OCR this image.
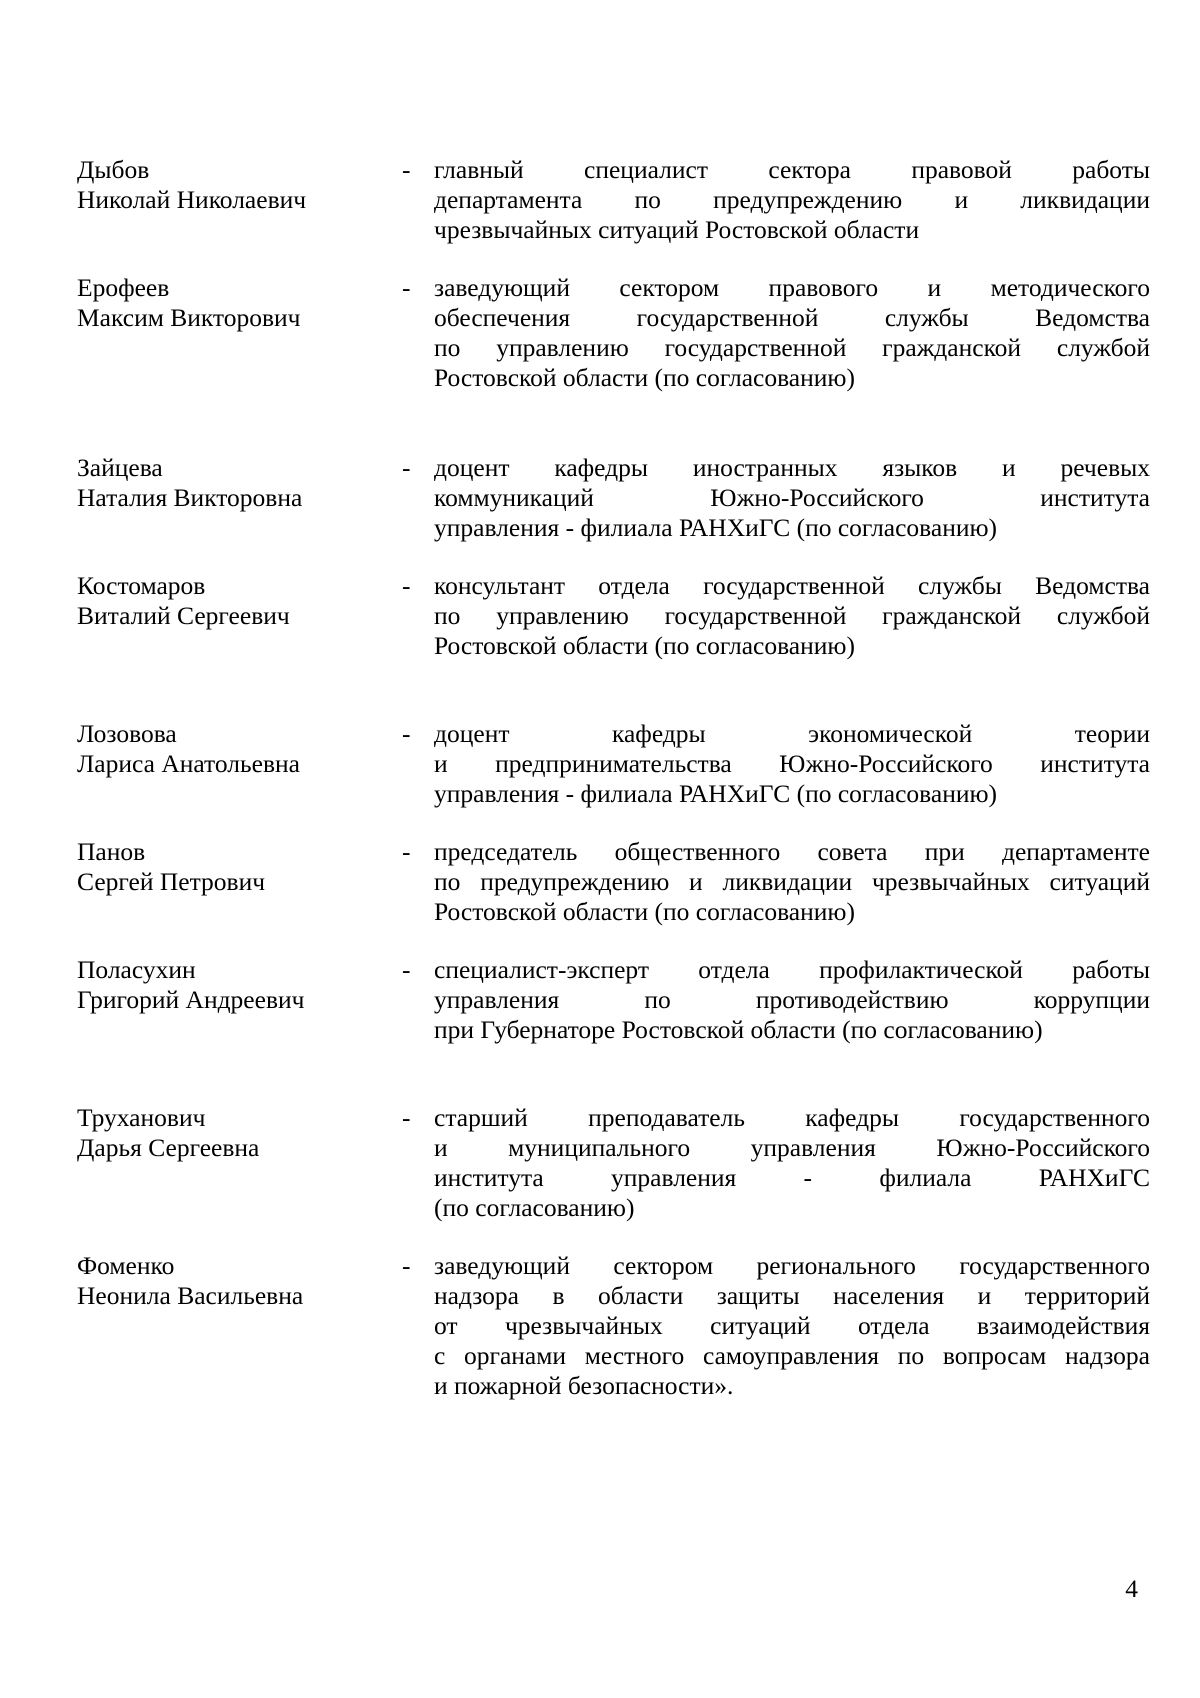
Дыбов
Николай Николаевич
- главный специалист сектора правовой работы
департамента по предупреждению и ликвидации
чрезвычайных ситуаций Ростовской области
Ерофеев
Максим Викторович
- заведующий сектором правового и методического
обеспечения государственной службы Ведомства
по управлению государственной гражданской службой
Ростовской области (по согласованию)
Зайцева
Наталия Викторовна
- доцент кафедры иностранных языков и речевых
коммуникаций Южно-Российского института
управления - филиала РАНХиГС (по согласованию)
Костомаров
Виталий Сергеевич
- консультант отдела государственной службы Ведомства
по управлению государственной гражданской службой
Ростовской области (по согласованию)
Лозовова
Лариса Анатольевна
- доцент кафедры экономической теории
и предпринимательства Южно-Российского института
управления - филиала РАНХиГС (по согласованию)
Панов
Сергей Петрович
- председатель общественного совета при департаменте
по предупреждению и ликвидации чрезвычайных ситуаций
Ростовской области (по согласованию)
Поласухин
Григорий Андреевич
- специалист-эксперт отдела профилактической работы
управления по противодействию коррупции
при Губернаторе Ростовской области (по согласованию)
Труханович
Дарья Сергеевна
- старший преподаватель кафедры государственного
и муниципального управления Южно-Российского
института управления - филиала РАНХиГС
(по согласованию)
Фоменко
Неонила Васильевна
- заведующий сектором регионального государственного
надзора в области защиты населения и территорий
от чрезвычайных ситуаций отдела взаимодействия
с органами местного самоуправления по вопросам надзора
и пожарной безопасности».
4
